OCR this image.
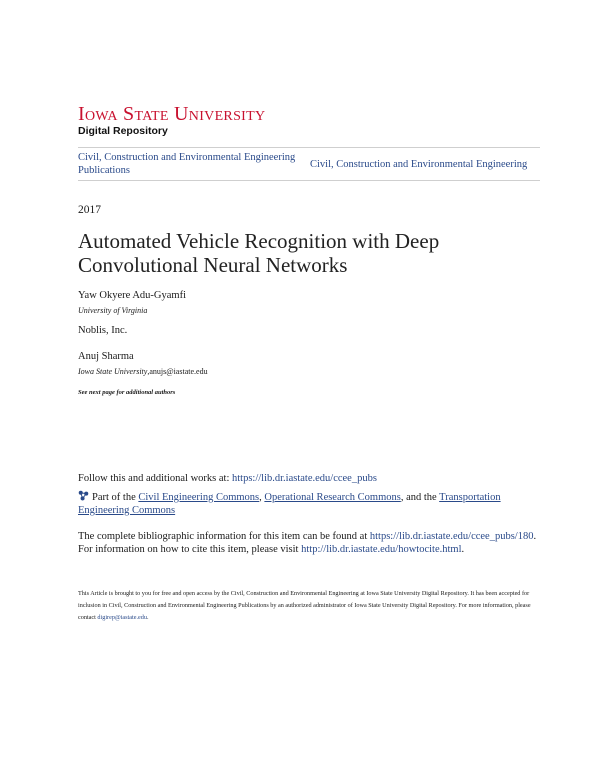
Iowa State University
Digital Repository
Civil, Construction and Environmental Engineering Publications
Civil, Construction and Environmental Engineering
2017
Automated Vehicle Recognition with Deep Convolutional Neural Networks
Yaw Okyere Adu-Gyamfi
University of Virginia
Noblis, Inc.
Anuj Sharma
Iowa State University,anujs@iastate.edu
See next page for additional authors
Follow this and additional works at: https://lib.dr.iastate.edu/ccee_pubs
Part of the Civil Engineering Commons, Operational Research Commons, and the Transportation Engineering Commons
The complete bibliographic information for this item can be found at https://lib.dr.iastate.edu/ccee_pubs/180. For information on how to cite this item, please visit http://lib.dr.iastate.edu/howtocite.html.
This Article is brought to you for free and open access by the Civil, Construction and Environmental Engineering at Iowa State University Digital Repository. It has been accepted for inclusion in Civil, Construction and Environmental Engineering Publications by an authorized administrator of Iowa State University Digital Repository. For more information, please contact digirep@iastate.edu.
